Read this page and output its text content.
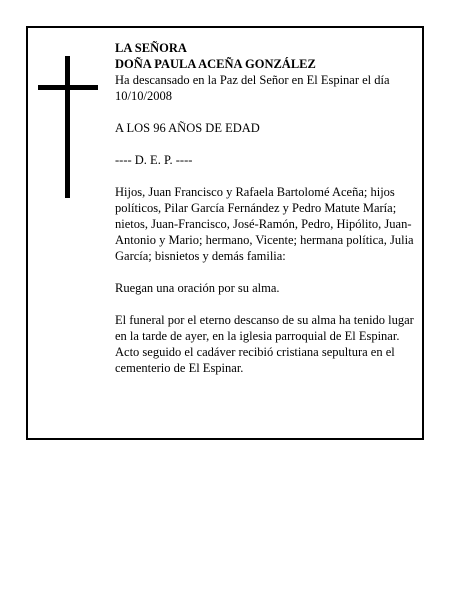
LA SEÑORA

DOÑA PAULA ACEÑA GONZÁLEZ

Ha descansado en la Paz del Señor en El Espinar el día 10/10/2008

A LOS 96 AÑOS DE EDAD

---- D. E. P. ----

Hijos, Juan Francisco y Rafaela Bartolomé Aceña; hijos políticos, Pilar García Fernández y Pedro Matute María; nietos, Juan-Francisco, José-Ramón, Pedro, Hipólito, Juan-Antonio y Mario; hermano, Vicente; hermana política, Julia García; bisnietos y demás familia:

Ruegan una oración por su alma.

El funeral por el eterno descanso de su alma ha tenido lugar en la tarde de ayer, en la iglesia parroquial de El Espinar. Acto seguido el cadáver recibió cristiana sepultura en el cementerio de El Espinar.
